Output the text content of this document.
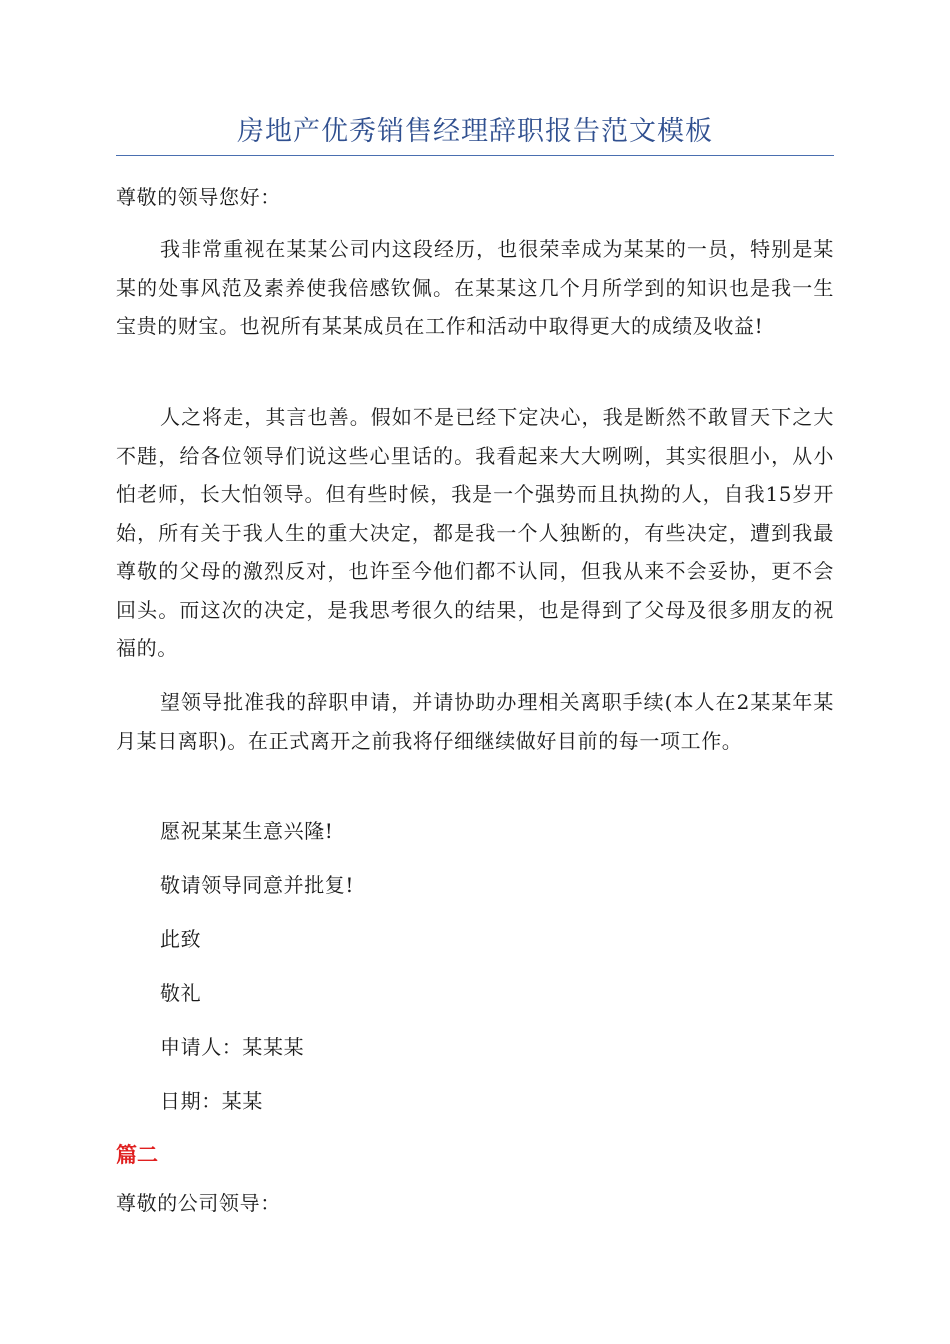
房地产优秀销售经理辞职报告范文模板

尊敬的领导您好：

我非常重视在某某公司内这段经历，也很荣幸成为某某的一员，特别是某某的处事风范及素养使我倍感钦佩。在某某这几个月所学到的知识也是我一生宝贵的财宝。也祝所有某某成员在工作和活动中取得更大的成绩及收益!

人之将走，其言也善。假如不是已经下定决心，我是断然不敢冒天下之大不韪，给各位领导们说这些心里话的。我看起来大大咧咧，其实很胆小，从小怕老师，长大怕领导。但有些时候，我是一个强势而且执拗的人，自我15岁开始，所有关于我人生的重大决定，都是我一个人独断的，有些决定，遭到我最尊敬的父母的激烈反对，也许至今他们都不认同，但我从来不会妥协，更不会回头。而这次的决定，是我思考很久的结果，也是得到了父母及很多朋友的祝福的。

望领导批准我的辞职申请，并请协助办理相关离职手续(本人在2某某年某月某日离职)。在正式离开之前我将仔细继续做好目前的每一项工作。

愿祝某某生意兴隆!

敬请领导同意并批复!

此致

敬礼

申请人：某某某

日期：某某

篇二

尊敬的公司领导：
